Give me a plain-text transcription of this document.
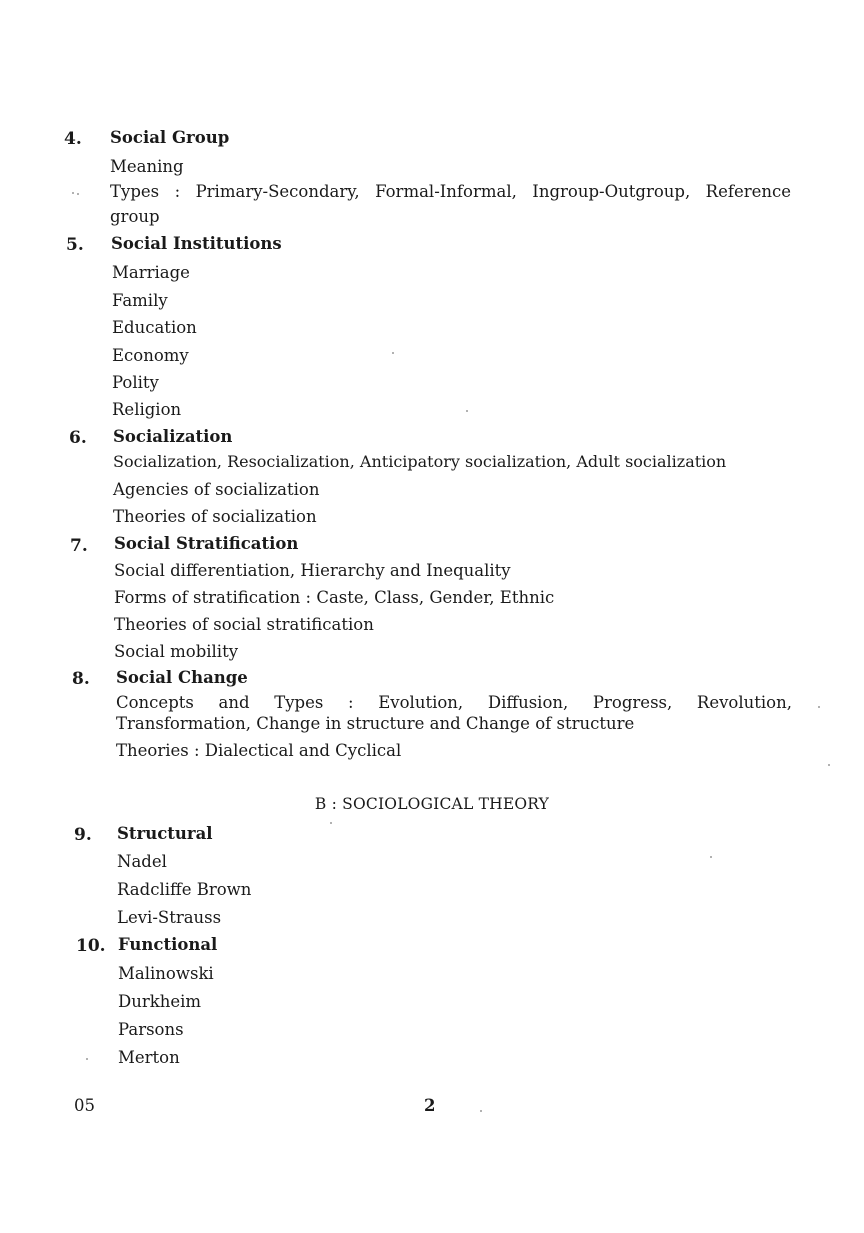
4. Social Group
Meaning
Types : Primary-Secondary, Formal-Informal, Ingroup-Outgroup, Reference
group
5. Social Institutions
Marriage
Family
Education
Economy
Polity
Religion
6. Socialization
Socialization, Resocialization, Anticipatory socialization, Adult socialization
Agencies of socialization
Theories of socialization
7. Social Stratification
Social differentiation, Hierarchy and Inequality
Forms of stratification : Caste, Class, Gender, Ethnic
Theories of social stratification
Social mobility
8. Social Change
Concepts and Types : Evolution, Diffusion, Progress, Revolution,
Transformation, Change in structure and Change of structure
Theories : Dialectical and Cyclical
B : SOCIOLOGICAL THEORY
9. Structural
Nadel
Radcliffe Brown
Levi-Strauss
10. Functional
Malinowski
Durkheim
Parsons
Merton
05	2
